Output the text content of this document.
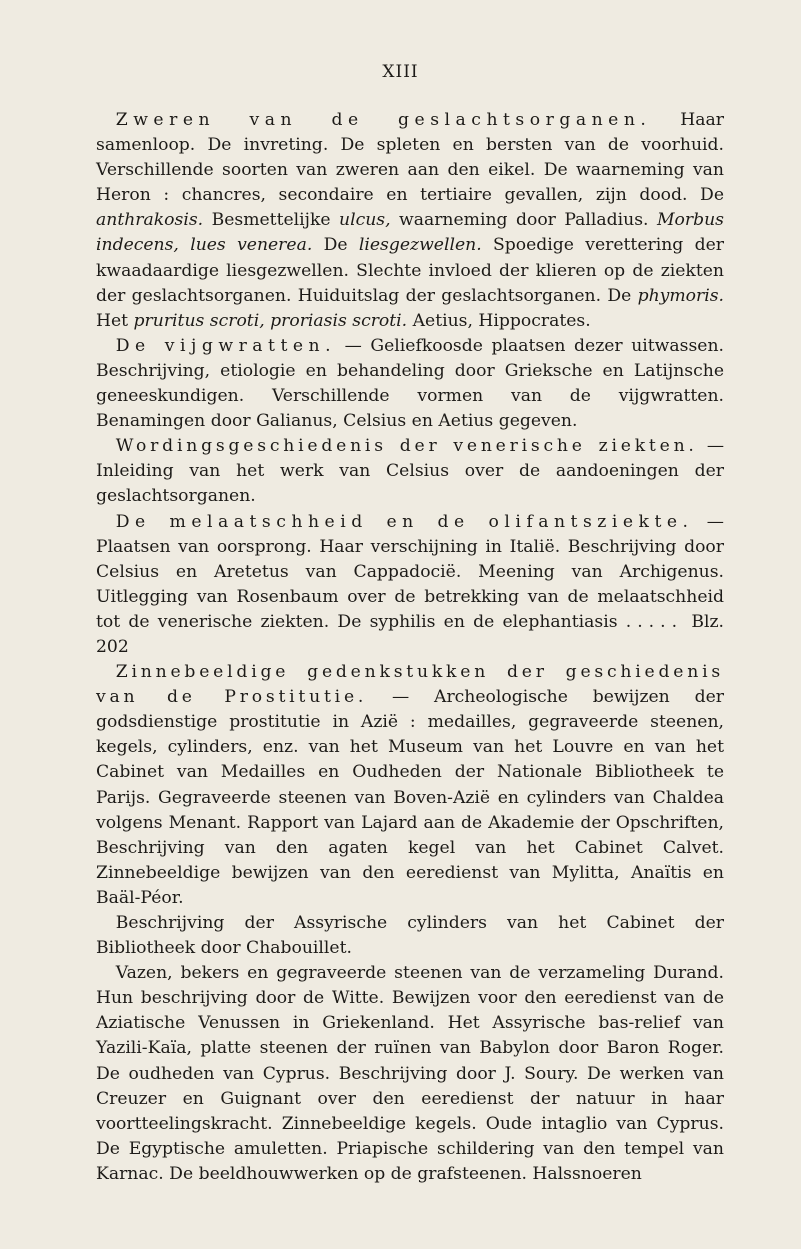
XIII

Zweren van de geslachtsorganen. Haar samenloop. De invreting. De spleten en bersten van de voorhuid. Verschillende soorten van zweren aan den eikel. De waarneming van Heron : chancres, secondaire en tertiaire gevallen, zijn dood. De anthrakosis. Besmettelijke ulcus, waarneming door Palladius. Morbus indecens, lues venerea. De liesgezwellen. Spoedige verettering der kwaadaardige liesgezwellen. Slechte invloed der klieren op de ziekten der geslachtsorganen. Huiduitslag der geslachtsorganen. De phymoris. Het pruritus scroti, proriasis scroti. Aetius, Hippocrates.

De vijgwratten. — Geliefkoosde plaatsen dezer uitwassen. Beschrijving, etiologie en behandeling door Grieksche en Latijnsche geneeskundigen. Verschillende vormen van de vijgwratten. Benamingen door Galianus, Celsius en Aetius gegeven.

Wordingsgeschiedenis der venerische ziekten. — Inleiding van het werk van Celsius over de aandoeningen der geslachtsorganen.

De melaatschheid en de olifantsziekte. — Plaatsen van oorsprong. Haar verschijning in Italië. Beschrijving door Celsius en Aretetus van Cappadocië. Meening van Archigenus. Uitlegging van Rosenbaum over de betrekking van de melaatschheid tot de venerische ziekten. De syphilis en de elephantiasis ..... Blz. 202

Zinnebeeldige gedenkstukken der geschiedenis van de Prostitutie. — Archeologische bewijzen der godsdienstige prostitutie in Azië : medailles, gegraveerde steenen, kegels, cylinders, enz. van het Museum van het Louvre en van het Cabinet van Medailles en Oudheden der Nationale Bibliotheek te Parijs. Gegraveerde steenen van Boven-Azië en cylinders van Chaldea volgens Menant. Rapport van Lajard aan de Akademie der Opschriften, Beschrijving van den agaten kegel van het Cabinet Calvet. Zinnebeeldige bewijzen van den eeredienst van Mylitta, Anaïtis en Baäl-Péor.

Beschrijving der Assyrische cylinders van het Cabinet der Bibliotheek door Chabouillet.

Vazen, bekers en gegraveerde steenen van de verzameling Durand. Hun beschrijving door de Witte. Bewijzen voor den eeredienst van de Aziatische Venussen in Griekenland. Het Assyrische bas-relief van Yazili-Kaïa, platte steenen der ruïnen van Babylon door Baron Roger. De oudheden van Cyprus. Beschrijving door J. Soury. De werken van Creuzer en Guignant over den eeredienst der natuur in haar voortteelingskracht. Zinnebeeldige kegels. Oude intaglio van Cyprus. De Egyptische amuletten. Priapische schildering van den tempel van Karnac. De beeldhouwwerken op de grafsteenen. Halssnoeren
